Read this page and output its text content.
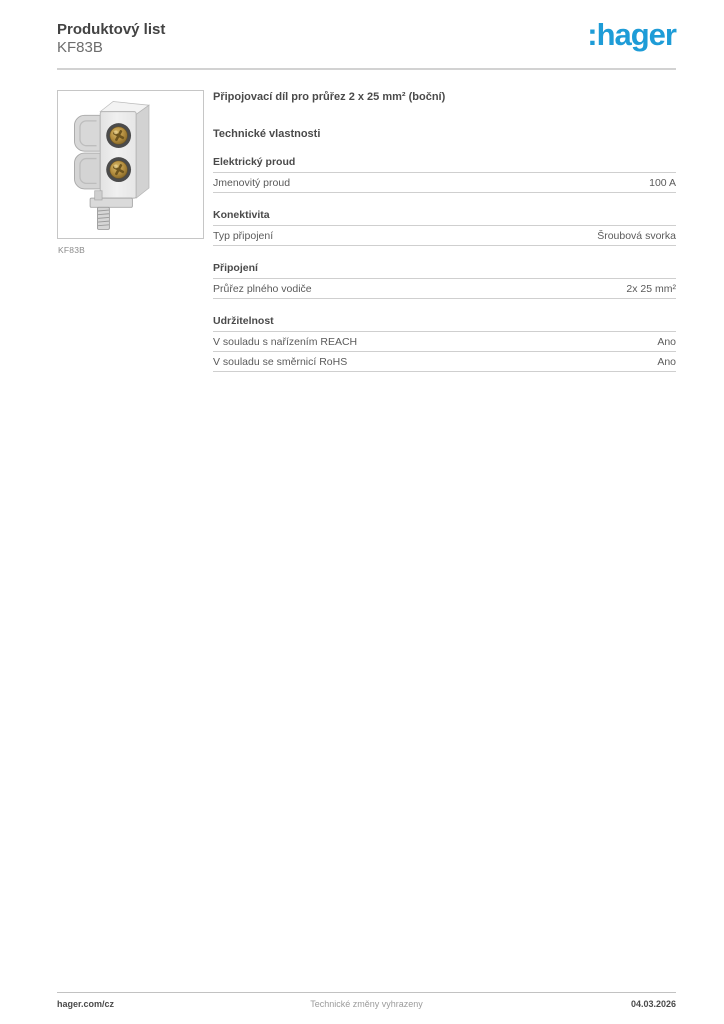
Produktový list
KF83B	:hager
KF83B
Připojovací díl pro průřez 2 x 25 mm² (boční)
Technické vlastnosti
Elektrický proud
Jmenovitý proud	100 A
Konektivita
Typ připojení	Šroubová svorka
Připojení
Průřez plného vodiče	2x 25 mm²
Udržitelnost
V souladu s nařízením REACH	Ano
V souladu se směrnicí RoHS	Ano
hager.com/cz	Technické změny vyhrazeny	04.03.2026
